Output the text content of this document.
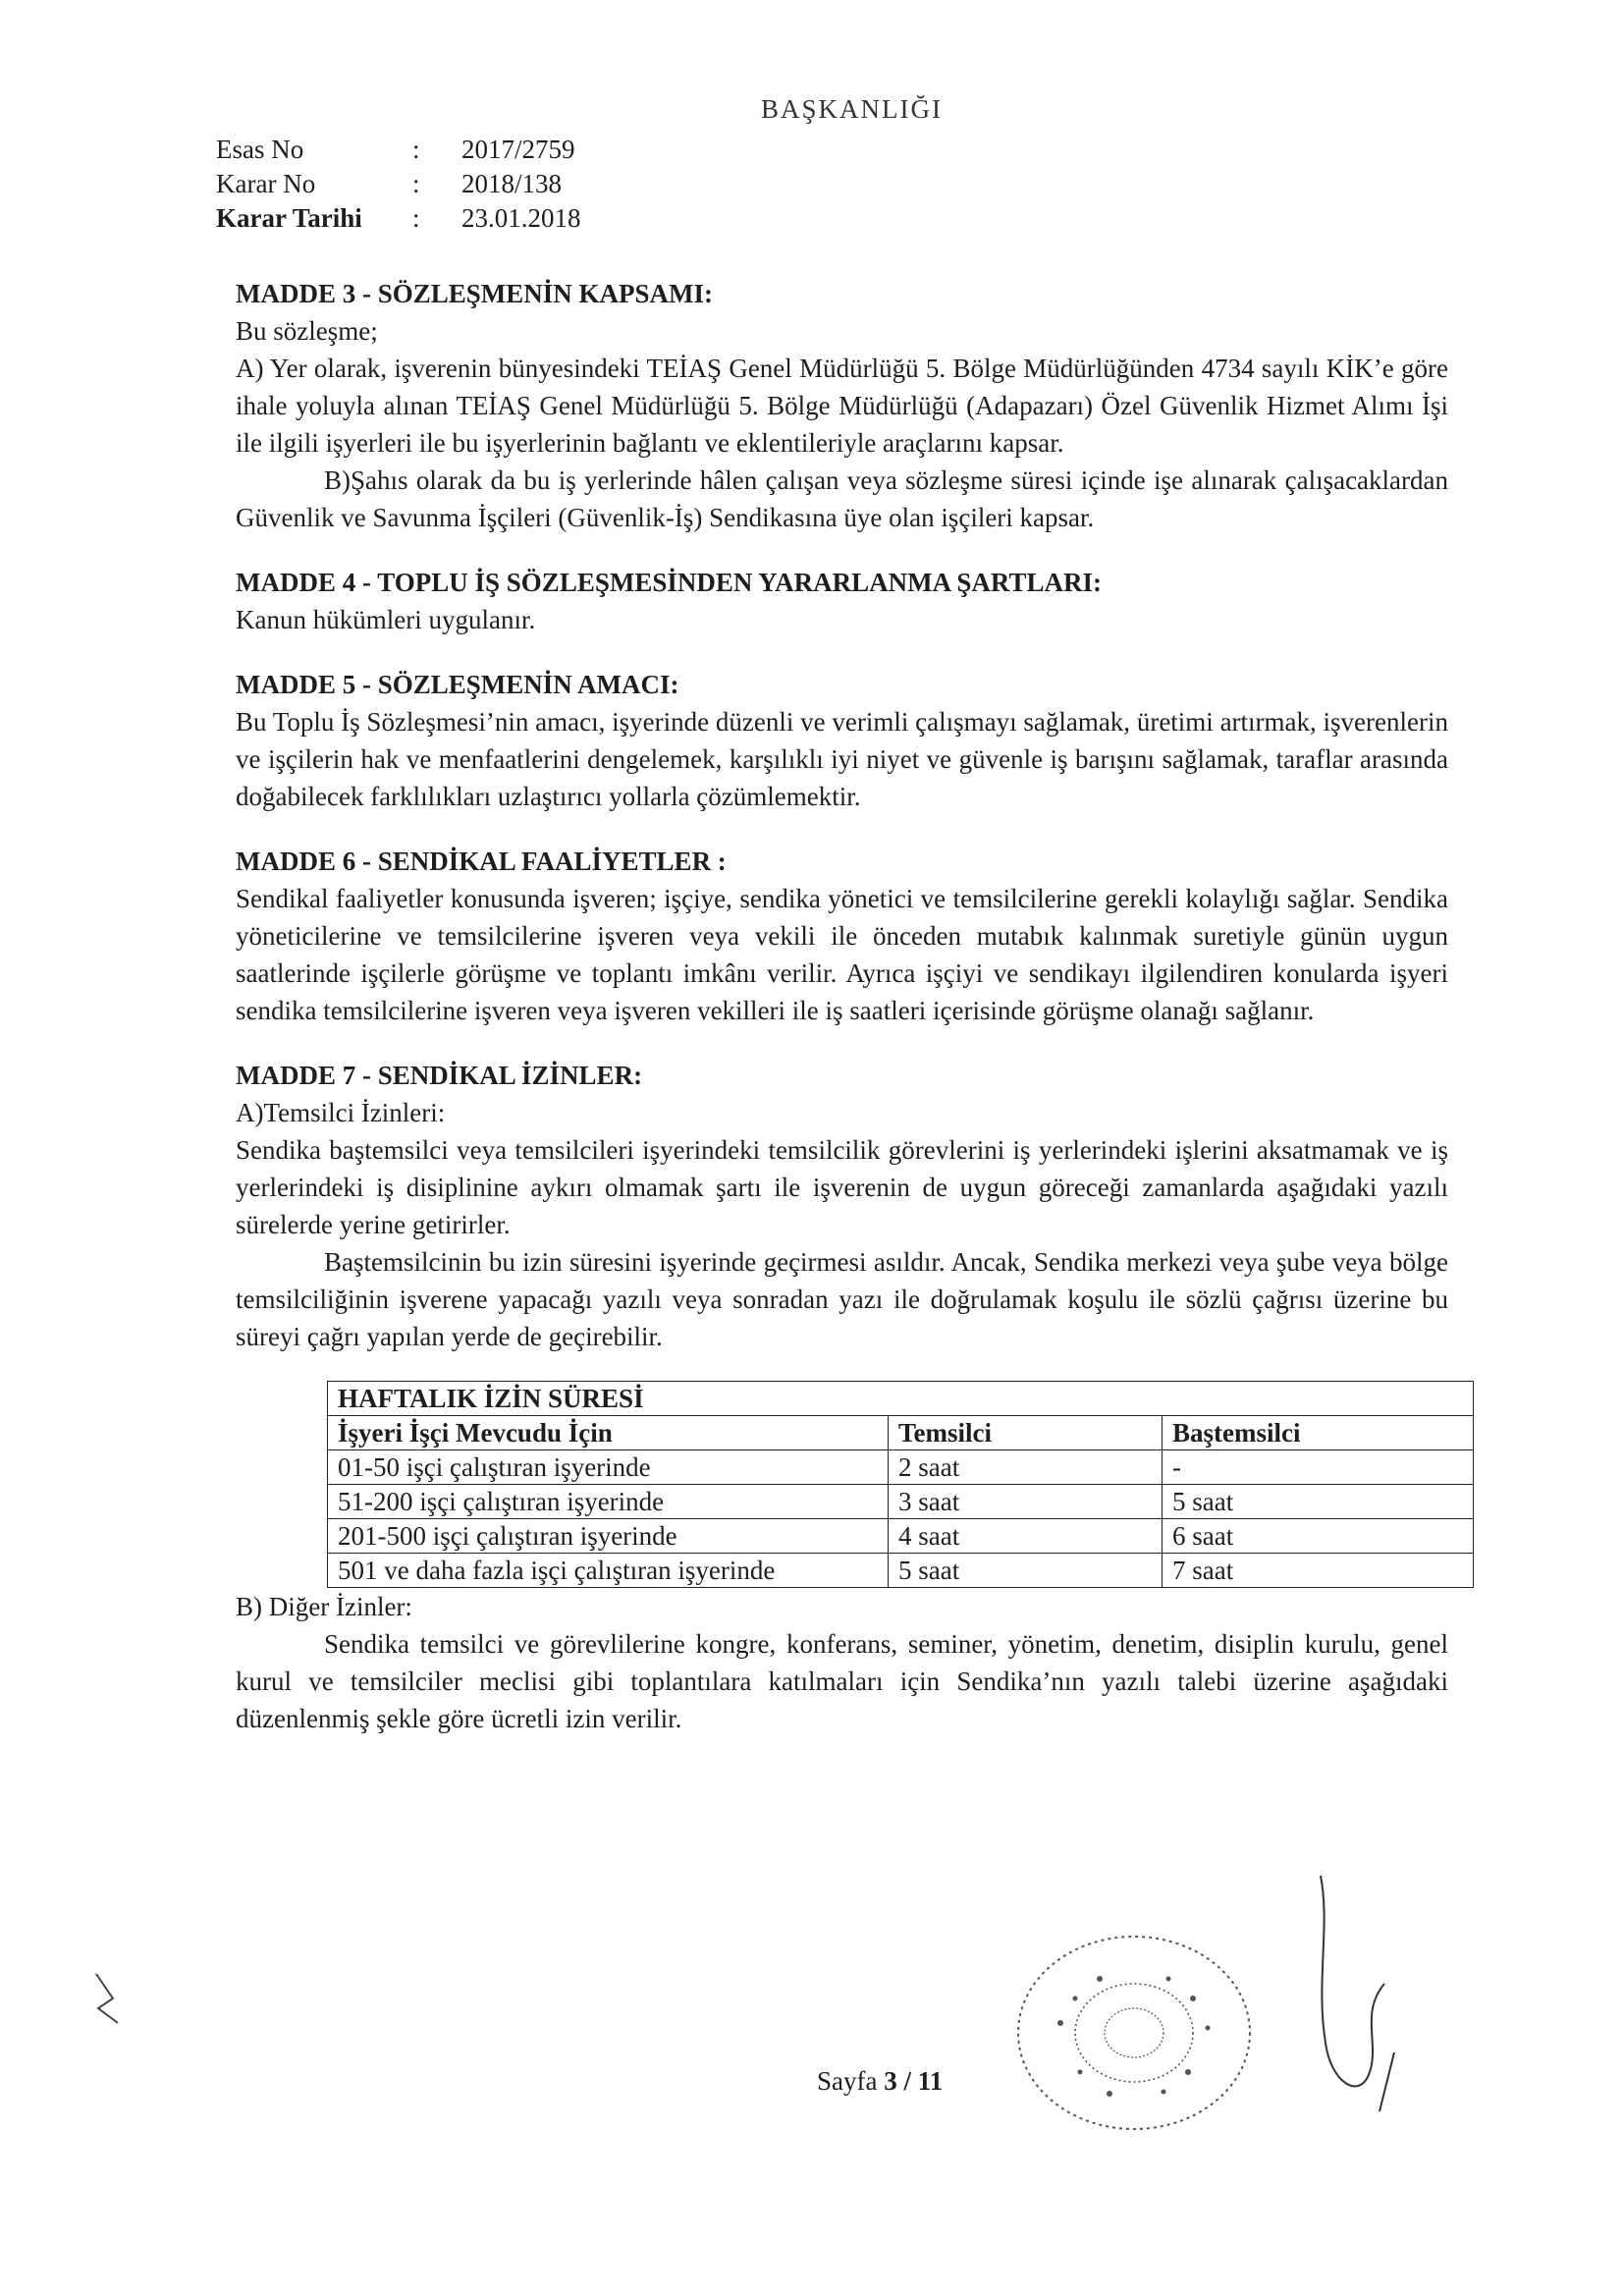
BAŞKANLIĞI
Esas No	:	2017/2759
Karar No	:	2018/138
Karar Tarihi	:	23.01.2018

MADDE 3 - SÖZLEŞMENİN KAPSAMI:

Bu sözleşme;

A) Yer olarak, işverenin bünyesindeki TEİAŞ Genel Müdürlüğü 5. Bölge Müdürlüğünden 4734 sayılı KİK’e göre ihale yoluyla alınan TEİAŞ Genel Müdürlüğü 5. Bölge Müdürlüğü (Adapazarı) Özel Güvenlik Hizmet Alımı İşi ile ilgili işyerleri ile bu işyerlerinin bağlantı ve eklentileriyle araçlarını kapsar.

B)Şahıs olarak da bu iş yerlerinde hâlen çalışan veya sözleşme süresi içinde işe alınarak çalışacaklardan Güvenlik ve Savunma İşçileri (Güvenlik-İş) Sendikasına üye olan işçileri kapsar.

MADDE 4 - TOPLU İŞ SÖZLEŞMESİNDEN YARARLANMA ŞARTLARI:

Kanun hükümleri uygulanır.

MADDE 5 - SÖZLEŞMENİN AMACI:

Bu Toplu İş Sözleşmesi’nin amacı, işyerinde düzenli ve verimli çalışmayı sağlamak, üretimi artırmak, işverenlerin ve işçilerin hak ve menfaatlerini dengelemek, karşılıklı iyi niyet ve güvenle iş barışını sağlamak, taraflar arasında doğabilecek farklılıkları uzlaştırıcı yollarla çözümlemektir.

MADDE 6 - SENDİKAL FAALİYETLER :

Sendikal faaliyetler konusunda işveren; işçiye, sendika yönetici ve temsilcilerine gerekli kolaylığı sağlar. Sendika yöneticilerine ve temsilcilerine işveren veya vekili ile önceden mutabık kalınmak suretiyle günün uygun saatlerinde işçilerle görüşme ve toplantı imkânı verilir. Ayrıca işçiyi ve sendikayı ilgilendiren konularda işyeri sendika temsilcilerine işveren veya işveren vekilleri ile iş saatleri içerisinde görüşme olanağı sağlanır.

MADDE 7 - SENDİKAL İZİNLER:

A)Temsilci İzinleri:

Sendika baştemsilci veya temsilcileri işyerindeki temsilcilik görevlerini iş yerlerindeki işlerini aksatmamak ve iş yerlerindeki iş disiplinine aykırı olmamak şartı ile işverenin de uygun göreceği zamanlarda aşağıdaki yazılı sürelerde yerine getirirler.

Baştemsilcinin bu izin süresini işyerinde geçirmesi asıldır. Ancak, Sendika merkezi veya şube veya bölge temsilciliğinin işverene yapacağı yazılı veya sonradan yazı ile doğrulamak koşulu ile sözlü çağrısı üzerine bu süreyi çağrı yapılan yerde de geçirebilir.

HAFTALIK İZİN SÜRESİ		
İşyeri İşçi Mevcudu İçin	Temsilci	Baştemsilci
01-50 işçi çalıştıran işyerinde	2 saat	-
51-200 işçi çalıştıran işyerinde	3 saat	5 saat
201-500 işçi çalıştıran işyerinde	4 saat	6 saat
501 ve daha fazla işçi çalıştıran işyerinde	5 saat	7 saat

B) Diğer İzinler:

Sendika temsilci ve görevlilerine kongre, konferans, seminer, yönetim, denetim, disiplin kurulu, genel kurul ve temsilciler meclisi gibi toplantılara katılmaları için Sendika’nın yazılı talebi üzerine aşağıdaki düzenlenmiş şekle göre ücretli izin verilir.

Sayfa 3 / 11
